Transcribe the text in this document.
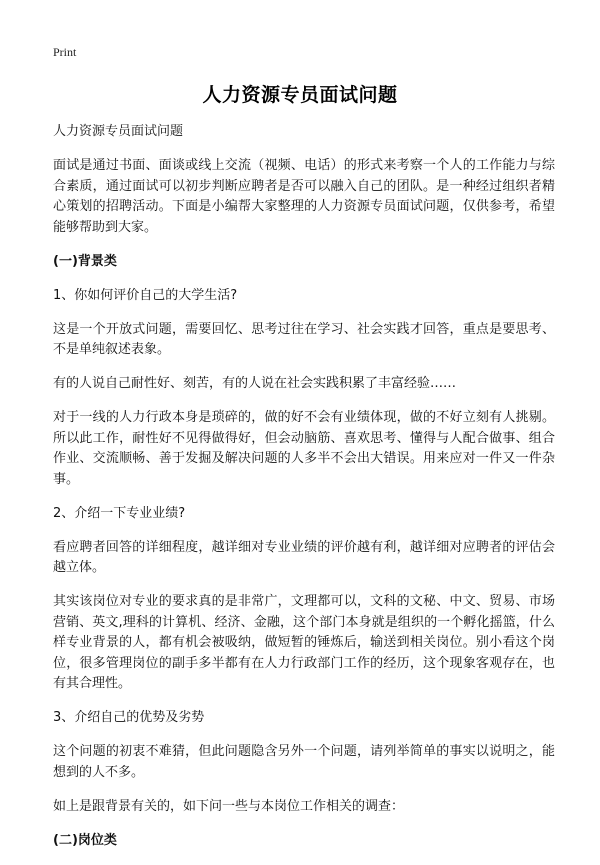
Print
人力资源专员面试问题

人力资源专员面试问题

面试是通过书面、面谈或线上交流（视频、电话）的形式来考察一个人的工作能力与综合素质，通过面试可以初步判断应聘者是否可以融入自己的团队。是一种经过组织者精心策划的招聘活动。下面是小编帮大家整理的人力资源专员面试问题，仅供参考，希望能够帮助到大家。

(一)背景类

1、你如何评价自己的大学生活?

这是一个开放式问题，需要回忆、思考过往在学习、社会实践才回答，重点是要思考、不是单纯叙述表象。

有的人说自己耐性好、刻苦，有的人说在社会实践积累了丰富经验……

对于一线的人力行政本身是琐碎的，做的好不会有业绩体现，做的不好立刻有人挑剔。所以此工作，耐性好不见得做得好，但会动脑筋、喜欢思考、懂得与人配合做事、组合作业、交流顺畅、善于发掘及解决问题的人多半不会出大错误。用来应对一件又一件杂事。

2、介绍一下专业业绩?

看应聘者回答的详细程度，越详细对专业业绩的评价越有利，越详细对应聘者的评估会越立体。

其实该岗位对专业的要求真的是非常广，文理都可以，文科的文秘、中文、贸易、市场营销、英文,理科的计算机、经济、金融，这个部门本身就是组织的一个孵化摇篮，什么样专业背景的人，都有机会被吸纳，做短暂的锤炼后，输送到相关岗位。别小看这个岗位，很多管理岗位的副手多半都有在人力行政部门工作的经历，这个现象客观存在，也有其合理性。

3、介绍自己的优势及劣势

这个问题的初衷不难猜，但此问题隐含另外一个问题，请列举简单的事实以说明之，能想到的人不多。

如上是跟背景有关的，如下问一些与本岗位工作相关的调查：

(二)岗位类
